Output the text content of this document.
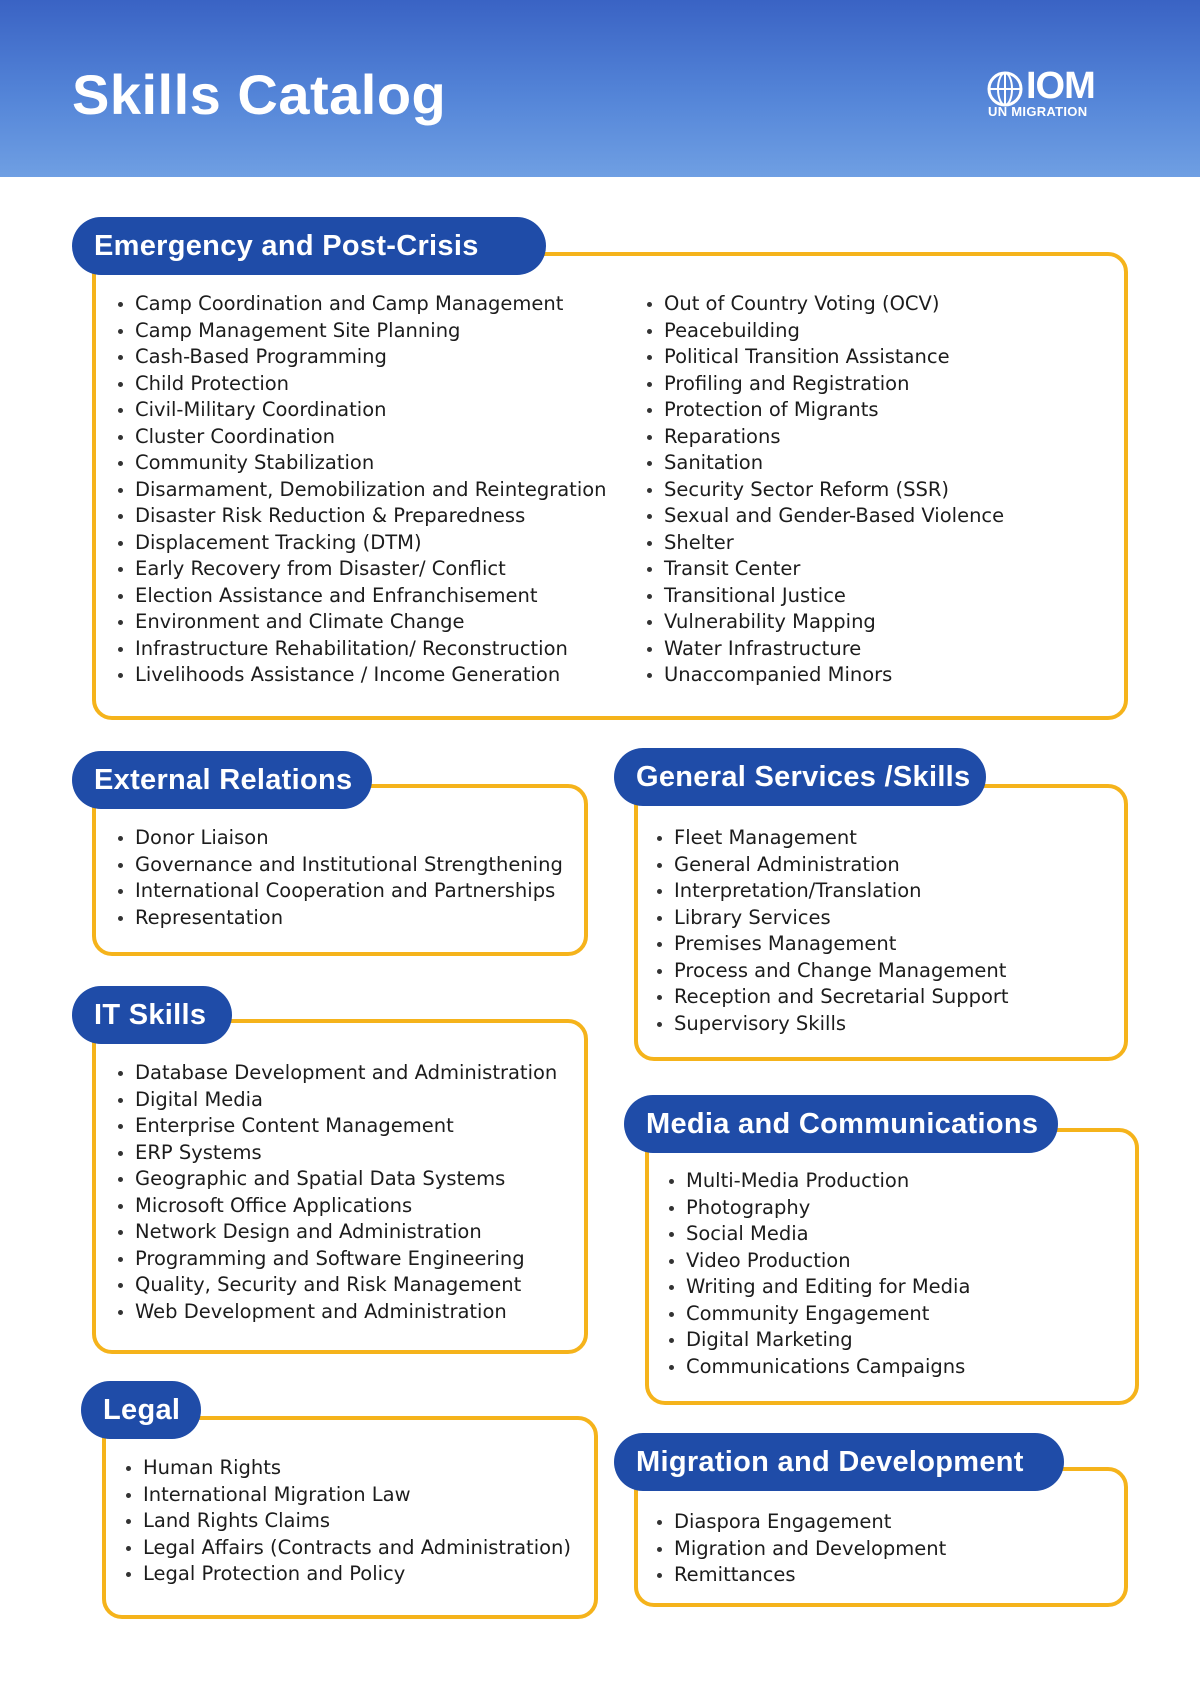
Skills Catalog	IOM
UN MIGRATION
Emergency and Post-Crisis
Camp Coordination and Camp Management
Camp Management Site Planning
Cash-Based Programming
Child Protection
Civil-Military Coordination
Cluster Coordination
Community Stabilization
Disarmament, Demobilization and Reintegration
Disaster Risk Reduction & Preparedness
Displacement Tracking (DTM)
Early Recovery from Disaster/ Conflict
Election Assistance and Enfranchisement
Environment and Climate Change
Infrastructure Rehabilitation/ Reconstruction
Livelihoods Assistance / Income Generation
Out of Country Voting (OCV)
Peacebuilding
Political Transition Assistance
Profiling and Registration
Protection of Migrants
Reparations
Sanitation
Security Sector Reform (SSR)
Sexual and Gender-Based Violence
Shelter
Transit Center
Transitional Justice
Vulnerability Mapping
Water Infrastructure
Unaccompanied Minors
External Relations
Donor Liaison
Governance and Institutional Strengthening
International Cooperation and Partnerships
Representation
General Services /Skills
Fleet Management
General Administration
Interpretation/Translation
Library Services
Premises Management
Process and Change Management
Reception and Secretarial Support
Supervisory Skills
IT Skills
Database Development and Administration
Digital Media
Enterprise Content Management
ERP Systems
Geographic and Spatial Data Systems
Microsoft Office Applications
Network Design and Administration
Programming and Software Engineering
Quality, Security and Risk Management
Web Development and Administration
Media and Communications
Multi-Media Production
Photography
Social Media
Video Production
Writing and Editing for Media
Community Engagement
Digital Marketing
Communications Campaigns
Legal
Human Rights
International Migration Law
Land Rights Claims
Legal Affairs (Contracts and Administration)
Legal Protection and Policy
Migration and Development
Diaspora Engagement
Migration and Development
Remittances
